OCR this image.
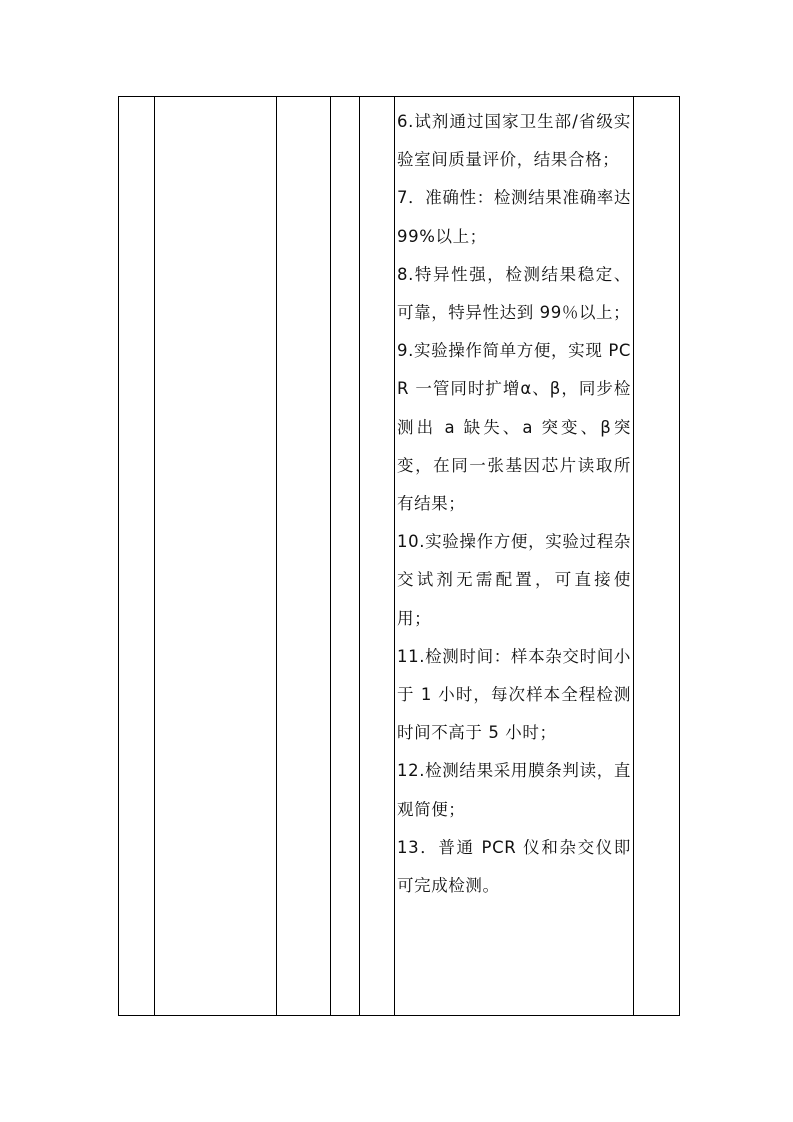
6.试剂通过国家卫生部/省级实验室间质量评价，结果合格；
7．准确性：检测结果准确率达 99%以上；
8.特异性强，检测结果稳定、可靠，特异性达到 99％以上；
9.实验操作简单方便，实现 PCR 一管同时扩增α、β，同步检测出 a 缺失、a 突变、β突变，在同一张基因芯片读取所有结果；
10.实验操作方便，实验过程杂交试剂无需配置，可直接使用；
11.检测时间：样本杂交时间小于 1 小时，每次样本全程检测时间不高于 5 小时；
12.检测结果采用膜条判读，直观简便；
13．普通 PCR 仪和杂交仪即可完成检测。
